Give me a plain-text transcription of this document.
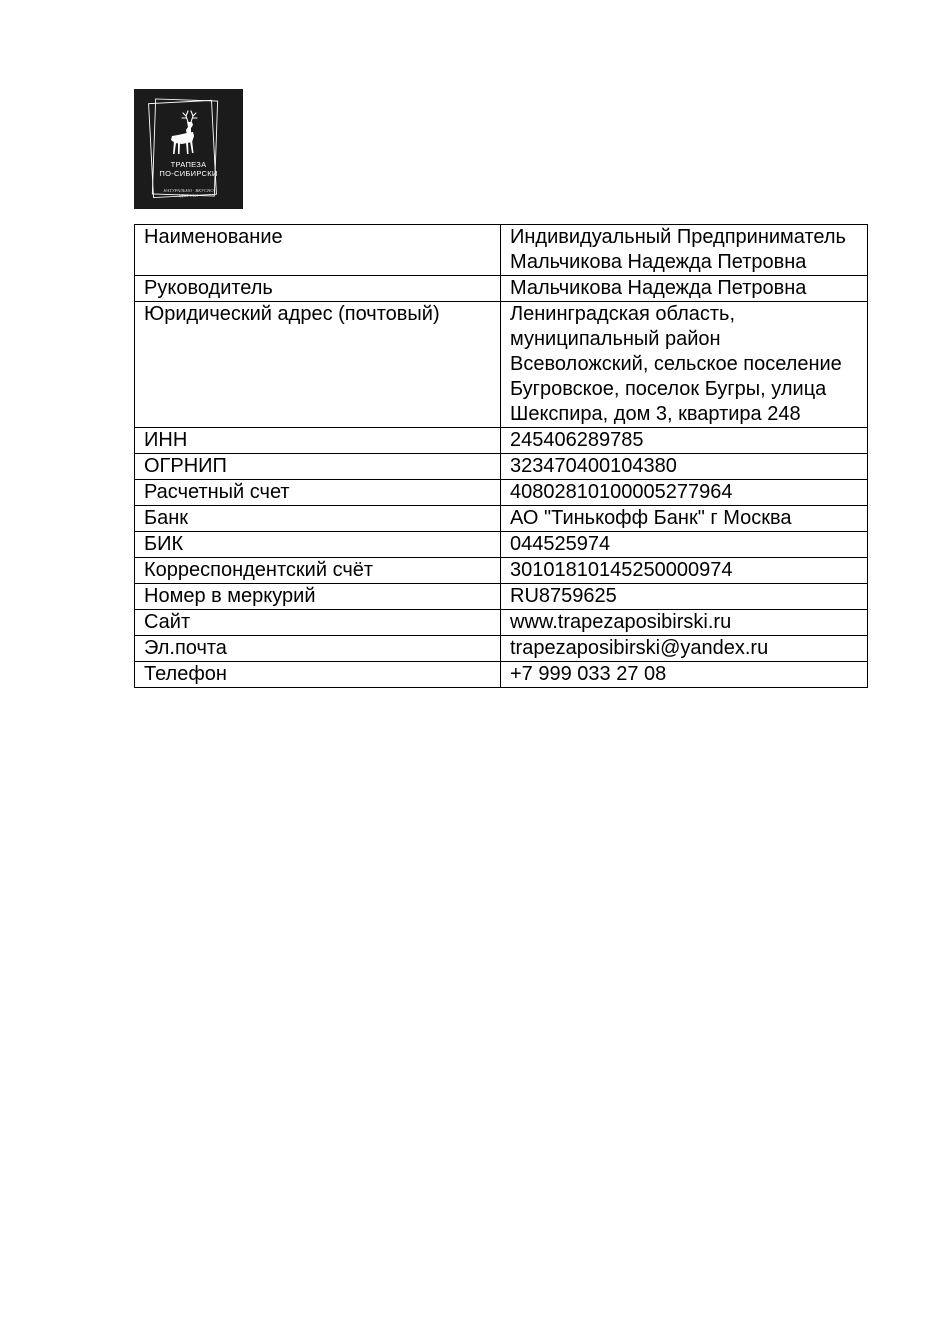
ТРАПЕЗА
ПО-СИБИРСКИ
НАТУРАЛЬНО · ВКУСНО
ЗДОРОВО
Наименование	Индивидуальный Предприниматель Мальчикова Надежда Петровна
Руководитель	Мальчикова Надежда Петровна
Юридический адрес (почтовый)	Ленинградская область, муниципальный район Всеволожский, сельское поселение Бугровское, поселок Бугры, улица Шекспира, дом 3, квартира 248
ИНН	245406289785
ОГРНИП	323470400104380
Расчетный счет	40802810100005277964
Банк	АО "Тинькофф Банк" г Москва
БИК	044525974
Корреспондентский счёт	30101810145250000974
Номер в меркурий	RU8759625
Сайт	www.trapezaposibirski.ru
Эл.почта	trapezaposibirski@yandex.ru
Телефон	+7 999 033 27 08
